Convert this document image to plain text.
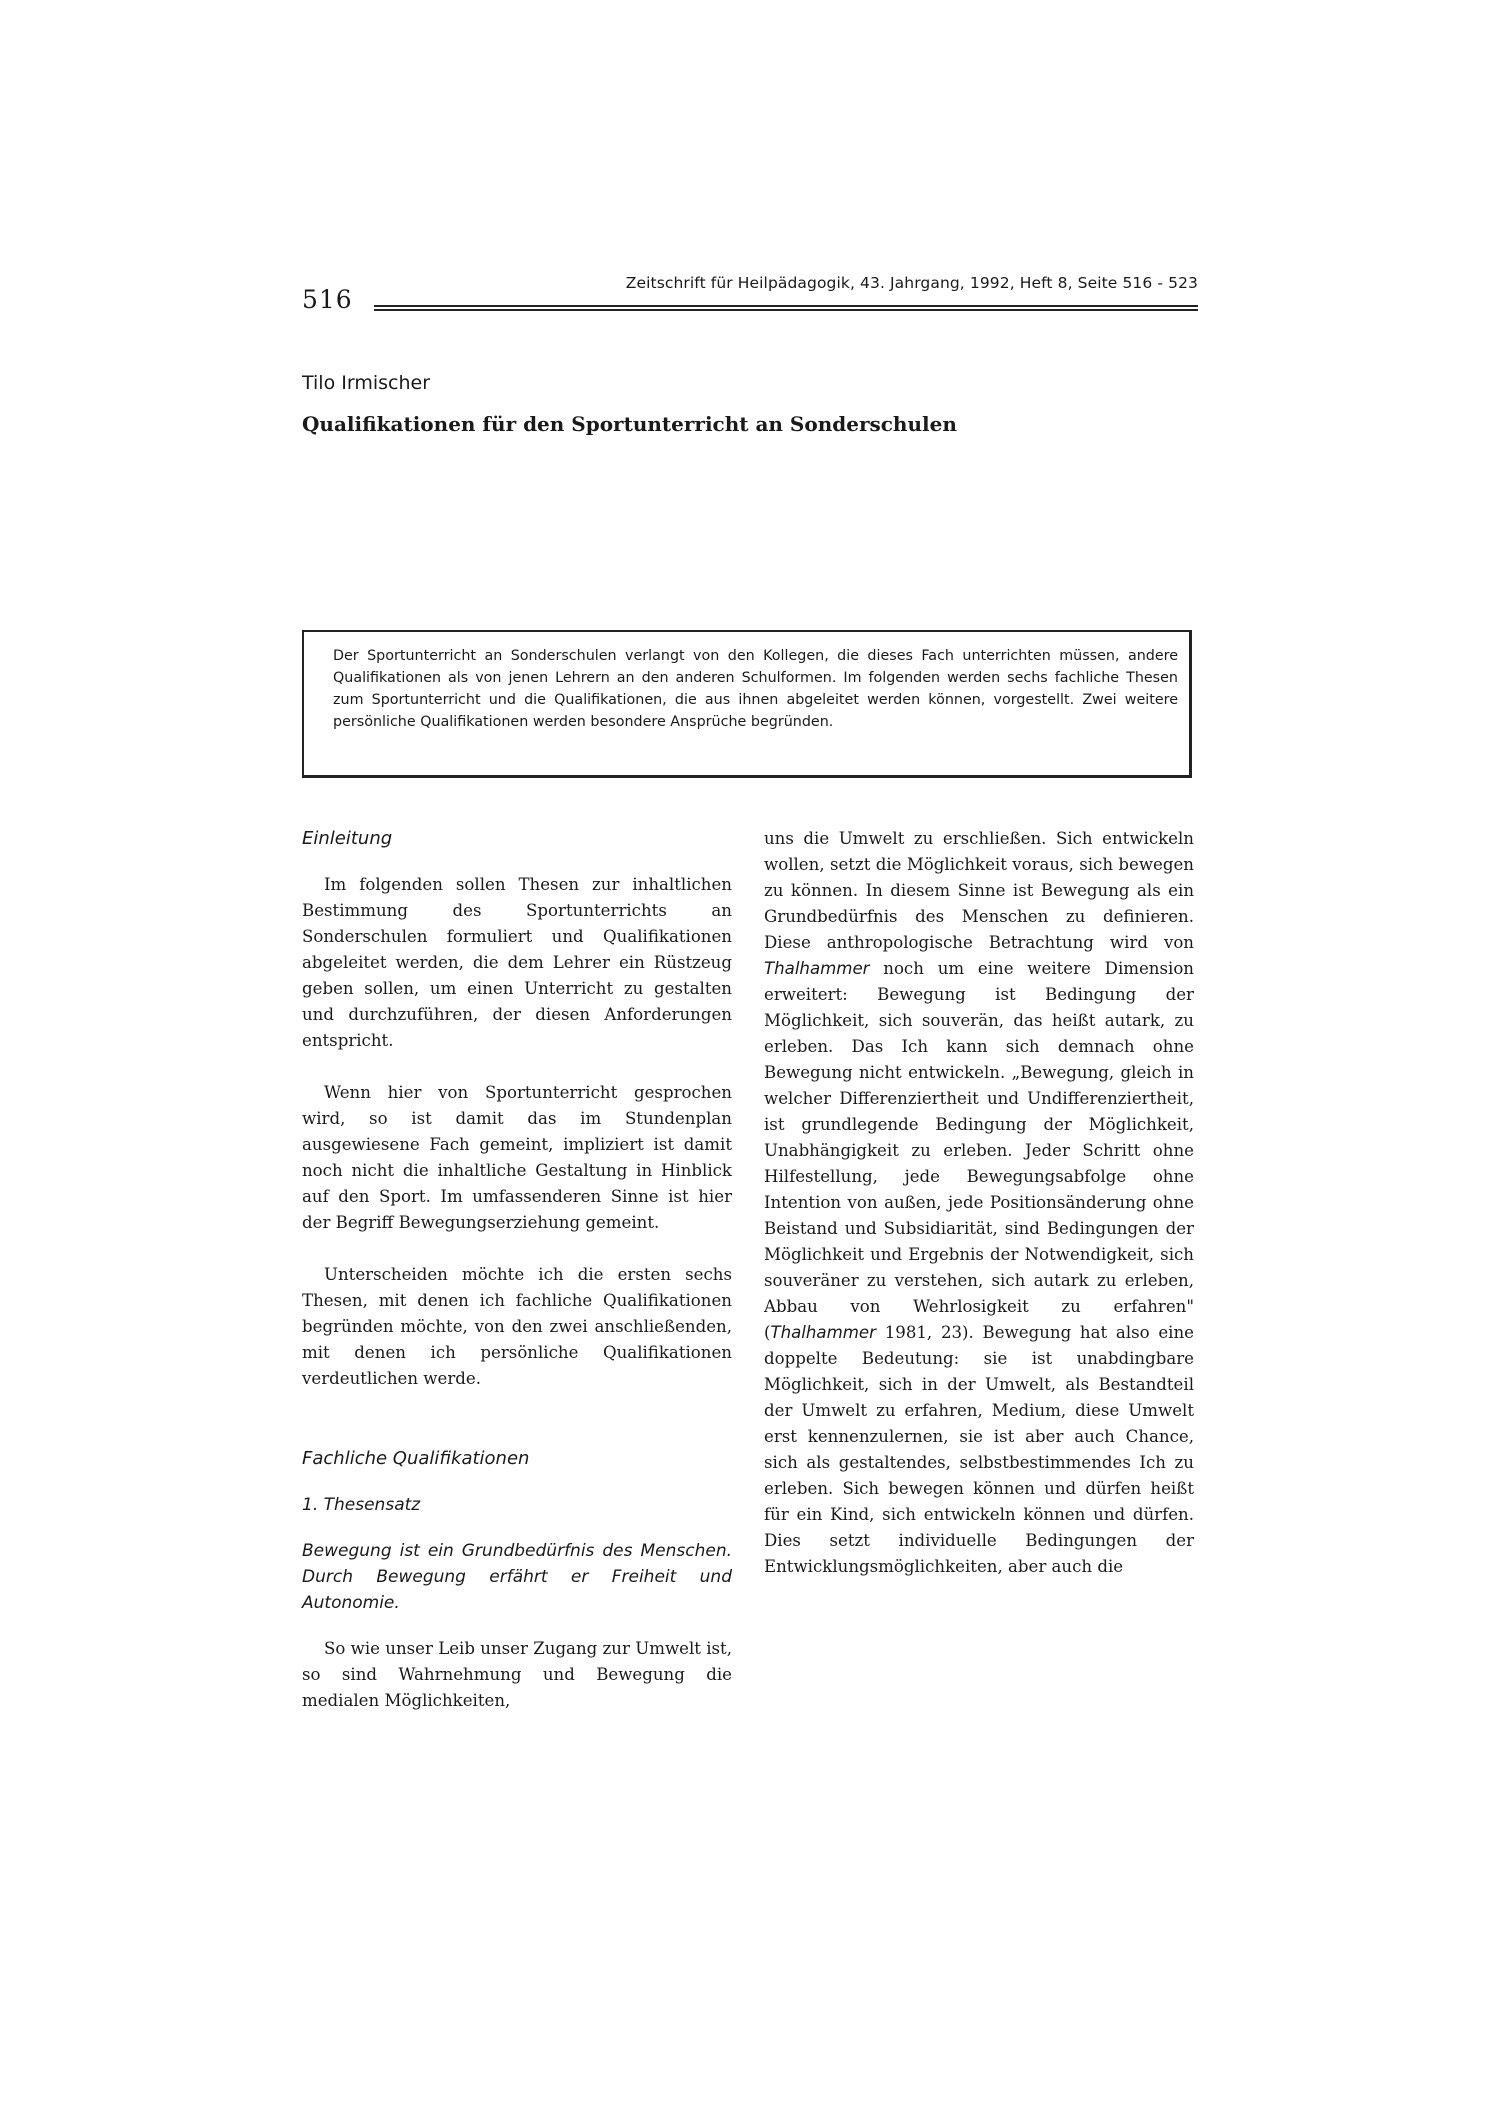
516
Zeitschrift für Heilpädagogik, 43. Jahrgang, 1992, Heft 8, Seite 516 - 523
Tilo Irmischer
Qualifikationen für den Sportunterricht an Sonderschulen

Der Sportunterricht an Sonderschulen verlangt von den Kollegen, die dieses Fach unterrichten müssen, andere Qualifikationen als von jenen Lehrern an den anderen Schulformen. Im folgenden werden sechs fachliche Thesen zum Sportunterricht und die Qualifikationen, die aus ihnen abgeleitet werden können, vorgestellt. Zwei weitere persönliche Qualifikationen werden besondere Ansprüche begründen.

Einleitung

Im folgenden sollen Thesen zur inhaltlichen Bestimmung des Sportunterrichts an Sonderschulen formuliert und Qualifikationen abgeleitet werden, die dem Lehrer ein Rüstzeug geben sollen, um einen Unterricht zu gestalten und durchzuführen, der diesen Anforderungen entspricht.

Wenn hier von Sportunterricht gesprochen wird, so ist damit das im Stundenplan ausgewiesene Fach gemeint, impliziert ist damit noch nicht die inhaltliche Gestaltung in Hinblick auf den Sport. Im umfassenderen Sinne ist hier der Begriff Bewegungserziehung gemeint.

Unterscheiden möchte ich die ersten sechs Thesen, mit denen ich fachliche Qualifikationen begründen möchte, von den zwei anschließenden, mit denen ich persönliche Qualifikationen verdeutlichen werde.

Fachliche Qualifikationen
1. Thesensatz

Bewegung ist ein Grundbedürfnis des Menschen. Durch Bewegung erfährt er Freiheit und Autonomie.

So wie unser Leib unser Zugang zur Umwelt ist, so sind Wahrnehmung und Bewegung die medialen Möglichkeiten,

uns die Umwelt zu erschließen. Sich entwickeln wollen, setzt die Möglichkeit voraus, sich bewegen zu können. In diesem Sinne ist Bewegung als ein Grundbedürfnis des Menschen zu definieren. Diese anthropologische Betrachtung wird von Thalhammer noch um eine weitere Dimension erweitert: Bewegung ist Bedingung der Möglichkeit, sich souverän, das heißt autark, zu erleben. Das Ich kann sich demnach ohne Bewegung nicht entwickeln. „Bewegung, gleich in welcher Differenziertheit und Undifferenziertheit, ist grundlegende Bedingung der Möglichkeit, Unabhängigkeit zu erleben. Jeder Schritt ohne Hilfestellung, jede Bewegungsabfolge ohne Intention von außen, jede Positionsänderung ohne Beistand und Subsidiarität, sind Bedingungen der Möglichkeit und Ergebnis der Notwendigkeit, sich souveräner zu verstehen, sich autark zu erleben, Abbau von Wehrlosigkeit zu erfahren" (Thalhammer 1981, 23). Bewegung hat also eine doppelte Bedeutung: sie ist unabdingbare Möglichkeit, sich in der Umwelt, als Bestandteil der Umwelt zu erfahren, Medium, diese Umwelt erst kennenzulernen, sie ist aber auch Chance, sich als gestaltendes, selbstbestimmendes Ich zu erleben. Sich bewegen können und dürfen heißt für ein Kind, sich entwickeln können und dürfen. Dies setzt individuelle Bedingungen der Entwicklungsmöglichkeiten, aber auch die
